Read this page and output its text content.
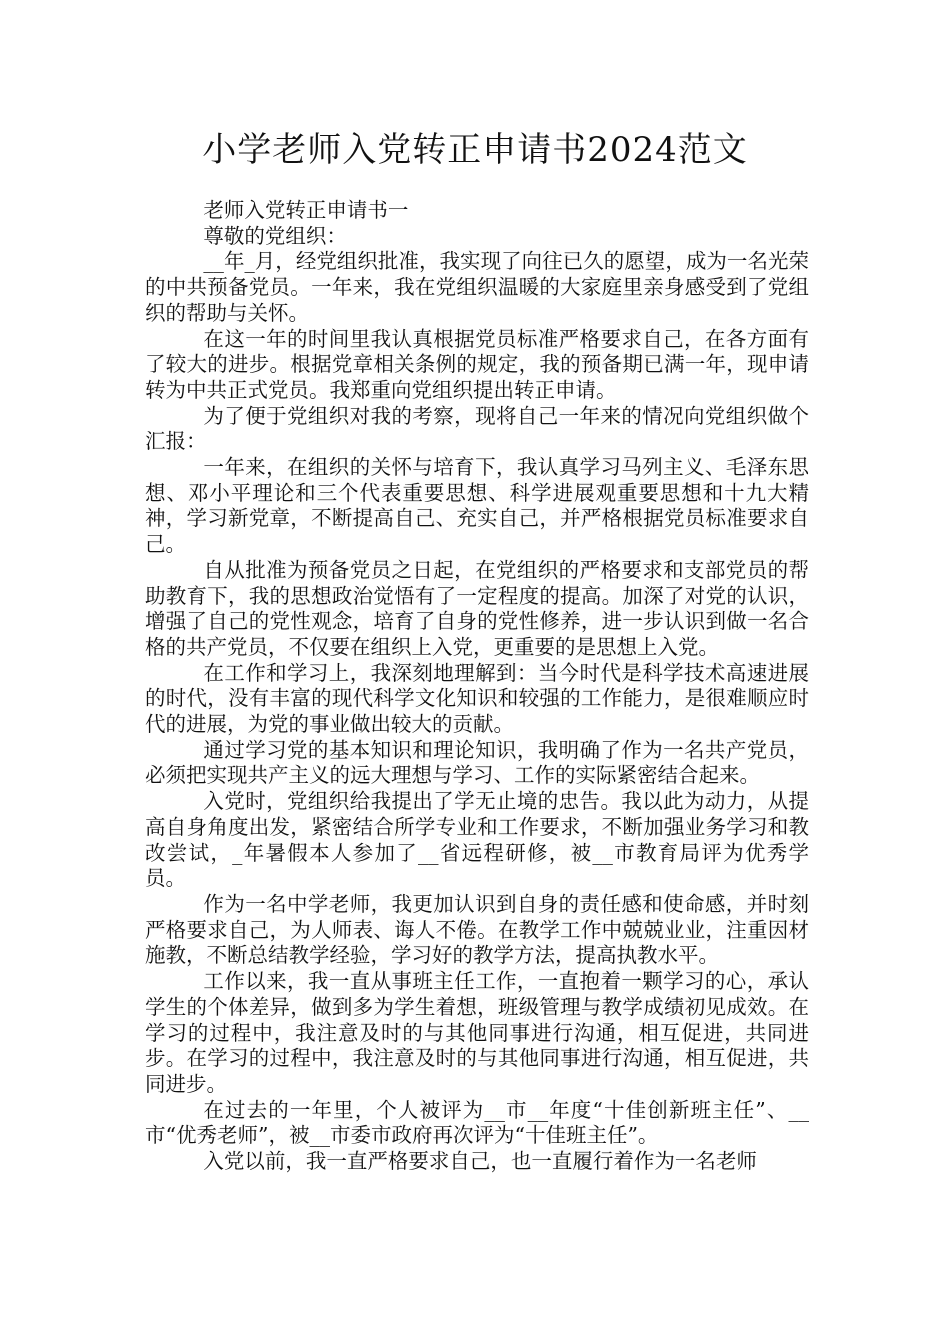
小学老师入党转正申请书2024范文

老师入党转正申请书一

尊敬的党组织：

__年_月，经党组织批准，我实现了向往已久的愿望，成为一名光荣的中共预备党员。一年来，我在党组织温暖的大家庭里亲身感受到了党组织的帮助与关怀。

在这一年的时间里我认真根据党员标准严格要求自己，在各方面有了较大的进步。根据党章相关条例的规定，我的预备期已满一年，现申请转为中共正式党员。我郑重向党组织提出转正申请。

为了便于党组织对我的考察，现将自己一年来的情况向党组织做个汇报：

一年来，在组织的关怀与培育下，我认真学习马列主义、毛泽东思想、邓小平理论和三个代表重要思想、科学进展观重要思想和十九大精神，学习新党章，不断提高自己、充实自己，并严格根据党员标准要求自己。

自从批准为预备党员之日起，在党组织的严格要求和支部党员的帮助教育下，我的思想政治觉悟有了一定程度的提高。加深了对党的认识，增强了自己的党性观念，培育了自身的党性修养，进一步认识到做一名合格的共产党员，不仅要在组织上入党，更重要的是思想上入党。

在工作和学习上，我深刻地理解到：当今时代是科学技术高速进展的时代，没有丰富的现代科学文化知识和较强的工作能力，是很难顺应时代的进展，为党的事业做出较大的贡献。

通过学习党的基本知识和理论知识，我明确了作为一名共产党员，必须把实现共产主义的远大理想与学习、工作的实际紧密结合起来。

入党时，党组织给我提出了学无止境的忠告。我以此为动力，从提高自身角度出发，紧密结合所学专业和工作要求，不断加强业务学习和教改尝试，_年暑假本人参加了__省远程研修，被__市教育局评为优秀学员。

作为一名中学老师，我更加认识到自身的责任感和使命感，并时刻严格要求自己，为人师表、诲人不倦。在教学工作中兢兢业业，注重因材施教，不断总结教学经验，学习好的教学方法，提高执教水平。

工作以来，我一直从事班主任工作，一直抱着一颗学习的心，承认学生的个体差异，做到多为学生着想，班级管理与教学成绩初见成效。在学习的过程中，我注意及时的与其他同事进行沟通，相互促进，共同进步。在学习的过程中，我注意及时的与其他同事进行沟通，相互促进，共同进步。

在过去的一年里，个人被评为__市__年度“十佳创新班主任”、__市“优秀老师”，被__市委市政府再次评为“十佳班主任”。

入党以前，我一直严格要求自己，也一直履行着作为一名老师
